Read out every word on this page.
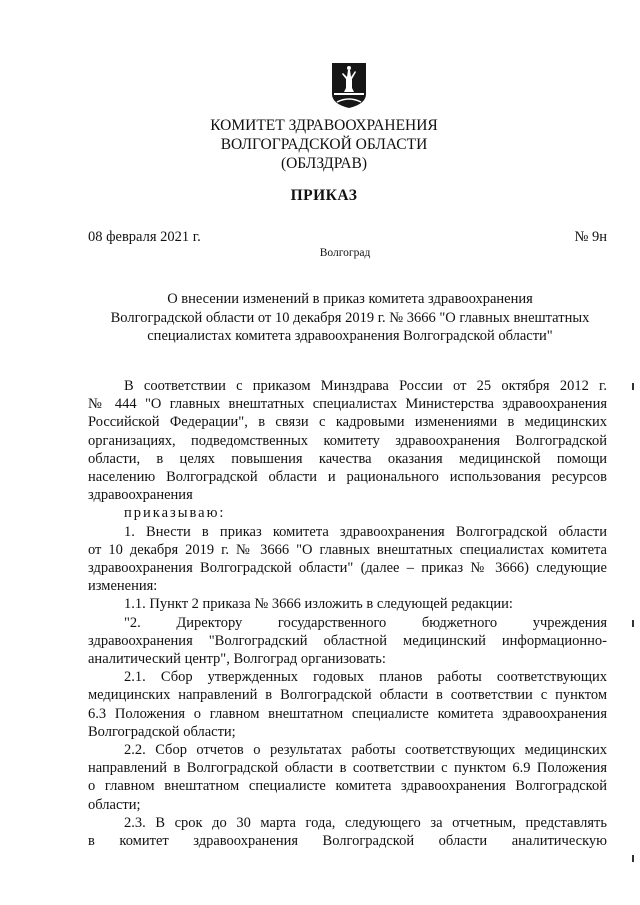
КОМИТЕТ ЗДРАВООХРАНЕНИЯ
ВОЛГОГРАДСКОЙ ОБЛАСТИ
(ОБЛЗДРАВ)
ПРИКАЗ
08 февраля 2021 г.	№ 9н
Волгоград
О внесении изменений в приказ комитета здравоохранения
Волгоградской области от 10 декабря 2019 г. № 3666 "О главных внештатных
специалистах комитета здравоохранения Волгоградской области"

В соответствии с приказом Минздрава России от 25 октября 2012 г.

№ 444 "О главных внештатных специалистах Министерства здравоохранения

Российской Федерации", в связи с кадровыми изменениями в медицинских

организациях, подведомственных комитету здравоохранения Волгоградской

области, в целях повышения качества оказания медицинской помощи

населению Волгоградской области и рационального использования ресурсов

здравоохранения

приказываю:

1. Внести в приказ комитета здравоохранения Волгоградской области

от 10 декабря 2019 г. № 3666 "О главных внештатных специалистах комитета

здравоохранения Волгоградской области" (далее – приказ № 3666) следующие

изменения:

1.1. Пункт 2 приказа № 3666 изложить в следующей редакции:

"2. Директору государственного бюджетного учреждения

здравоохранения "Волгоградский областной медицинский информационно-

аналитический центр", Волгоград организовать:

2.1. Сбор утвержденных годовых планов работы соответствующих

медицинских направлений в Волгоградской области в соответствии с пунктом

6.3 Положения о главном внештатном специалисте комитета здравоохранения

Волгоградской области;

2.2. Сбор отчетов о результатах работы соответствующих медицинских

направлений в Волгоградской области в соответствии с пунктом 6.9 Положения

о главном внештатном специалисте комитета здравоохранения Волгоградской

области;

2.3. В срок до 30 марта года, следующего за отчетным, представлять

в комитет здравоохранения Волгоградской области аналитическую
